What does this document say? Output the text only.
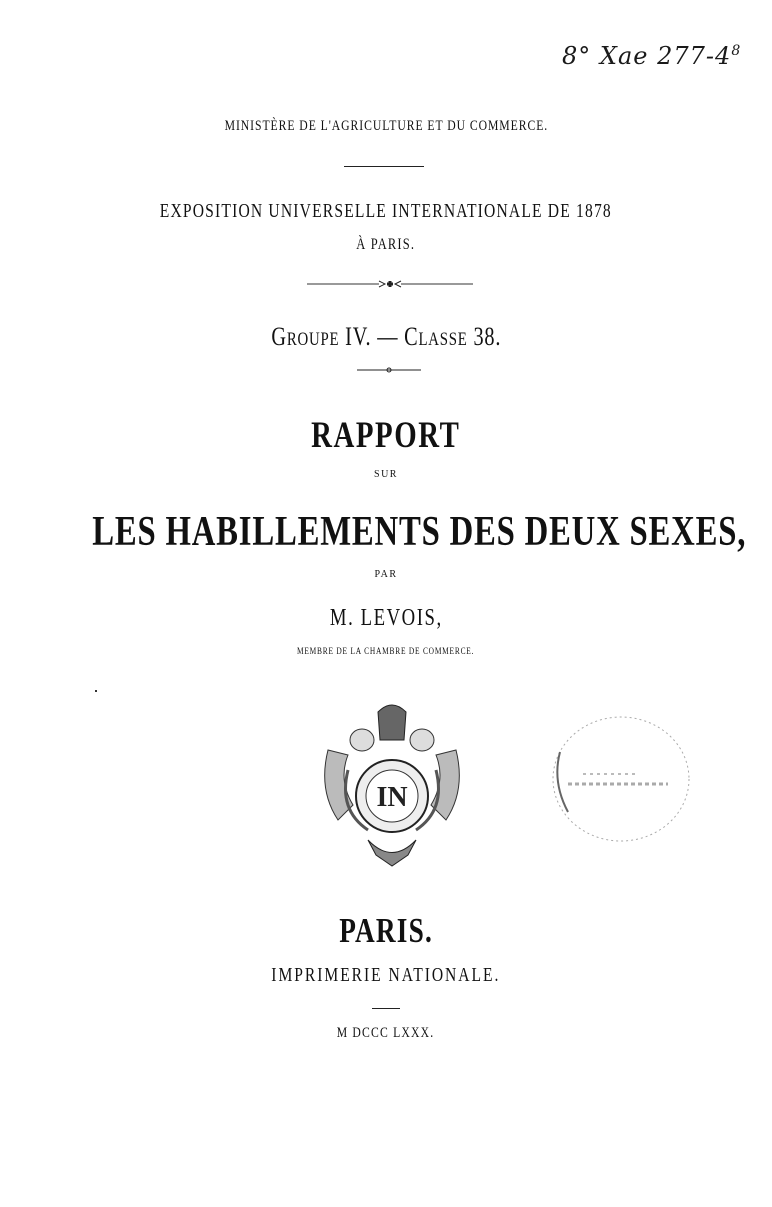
8° Xae $277-4^8$
MINISTÈRE DE L'AGRICULTURE ET DU COMMERCE.
EXPOSITION UNIVERSELLE INTERNATIONALE DE 1878
À PARIS.
GROUPE IV. — CLASSE 38.
RAPPORT
SUR
LES HABILLEMENTS DES DEUX SEXES,
PAR
M. LEVOIS,
MEMBRE DE LA CHAMBRE DE COMMERCE.
IN
PARIS.
IMPRIMERIE NATIONALE.
M DCCC LXXX.
